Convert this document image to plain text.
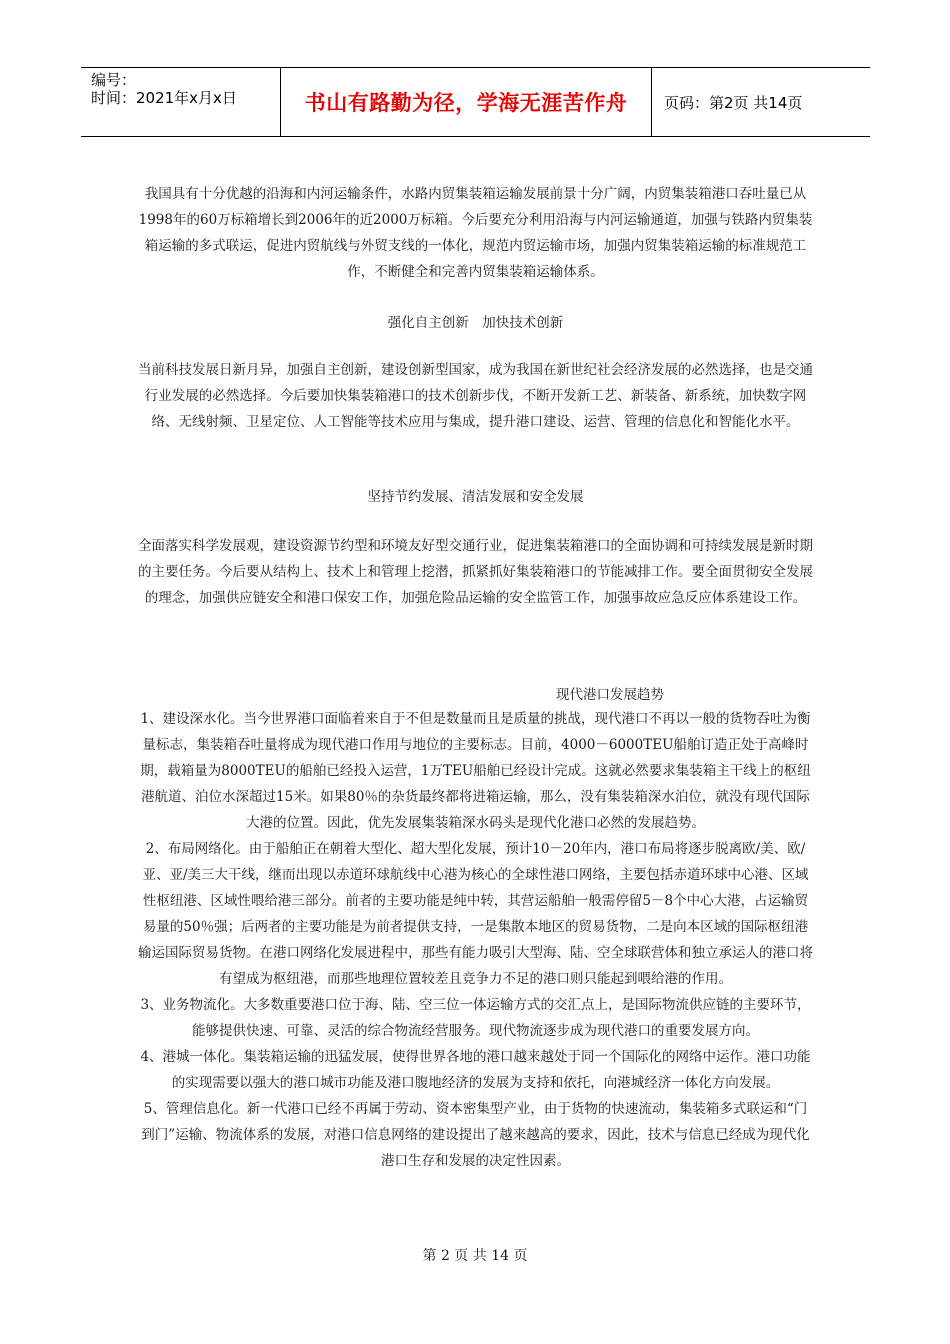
编号：
时间：2021年x月x日	书山有路勤为径，学海无涯苦作舟	页码：第2页 共14页
我国具有十分优越的沿海和内河运输条件，水路内贸集装箱运输发展前景十分广阔，内贸集装箱港口吞吐量已从1998年的60万标箱增长到2006年的近2000万标箱。今后要充分利用沿海与内河运输通道，加强与铁路内贸集装箱运输的多式联运，促进内贸航线与外贸支线的一体化，规范内贸运输市场，加强内贸集装箱运输的标准规范工作，不断健全和完善内贸集装箱运输体系。
强化自主创新　加快技术创新
当前科技发展日新月异，加强自主创新，建设创新型国家，成为我国在新世纪社会经济发展的必然选择，也是交通行业发展的必然选择。今后要加快集装箱港口的技术创新步伐，不断开发新工艺、新装备、新系统，加快数字网络、无线射频、卫星定位、人工智能等技术应用与集成，提升港口建设、运营、管理的信息化和智能化水平。
坚持节约发展、清洁发展和安全发展
全面落实科学发展观，建设资源节约型和环境友好型交通行业，促进集装箱港口的全面协调和可持续发展是新时期的主要任务。今后要从结构上、技术上和管理上挖潜，抓紧抓好集装箱港口的节能减排工作。要全面贯彻安全发展的理念，加强供应链安全和港口保安工作，加强危险品运输的安全监管工作，加强事故应急反应体系建设工作。
现代港口发展趋势

1、建设深水化。当今世界港口面临着来自于不但是数量而且是质量的挑战，现代港口不再以一般的货物吞吐为衡量标志，集装箱吞吐量将成为现代港口作用与地位的主要标志。目前，4000－6000TEU船舶订造正处于高峰时期，载箱量为8000TEU的船舶已经投入运营，1万TEU船舶已经设计完成。这就必然要求集装箱主干线上的枢纽港航道、泊位水深超过15米。如果80％的杂货最终都将进箱运输，那么，没有集装箱深水泊位，就没有现代国际大港的位置。因此，优先发展集装箱深水码头是现代化港口必然的发展趋势。

2、布局网络化。由于船舶正在朝着大型化、超大型化发展，预计10－20年内，港口布局将逐步脱离欧/美、欧/亚、亚/美三大干线，继而出现以赤道环球航线中心港为核心的全球性港口网络，主要包括赤道环球中心港、区域性枢纽港、区域性喂给港三部分。前者的主要功能是纯中转，其营运船舶一般需停留5－8个中心大港，占运输贸易量的50％强；后两者的主要功能是为前者提供支持，一是集散本地区的贸易货物，二是向本区域的国际枢纽港输运国际贸易货物。在港口网络化发展进程中，那些有能力吸引大型海、陆、空全球联营体和独立承运人的港口将有望成为枢纽港，而那些地理位置较差且竞争力不足的港口则只能起到喂给港的作用。

3、业务物流化。大多数重要港口位于海、陆、空三位一体运输方式的交汇点上，是国际物流供应链的主要环节，能够提供快速、可靠、灵活的综合物流经营服务。现代物流逐步成为现代港口的重要发展方向。

4、港城一体化。集装箱运输的迅猛发展，使得世界各地的港口越来越处于同一个国际化的网络中运作。港口功能的实现需要以强大的港口城市功能及港口腹地经济的发展为支持和依托，向港城经济一体化方向发展。

5、管理信息化。新一代港口已经不再属于劳动、资本密集型产业，由于货物的快速流动，集装箱多式联运和“门到门”运输、物流体系的发展，对港口信息网络的建设提出了越来越高的要求，因此，技术与信息已经成为现代化港口生存和发展的决定性因素。

第 2 页 共 14 页
